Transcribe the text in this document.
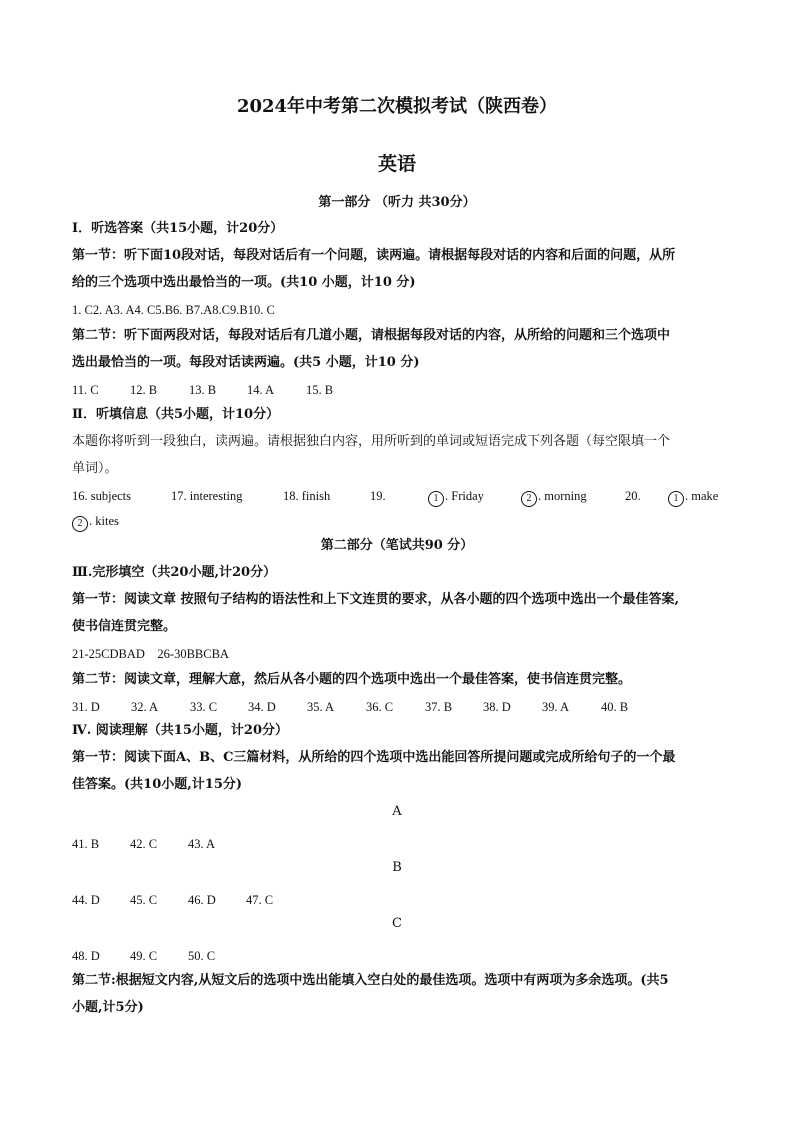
2024年中考第二次模拟考试（陕西卷）
英语
第一部分 （听力 共30分）
Ⅰ．听选答案（共15小题，计20分）
第一节：听下面10段对话，每段对话后有一个问题，读两遍。请根据每段对话的内容和后面的问题，从所
给的三个选项中选出最恰当的一项。(共10 小题，计10 分)
1. C2. A3. A4. C5.B6. B7.A8.C9.B10. C
第二节：听下面两段对话，每段对话后有几道小题，请根据每段对话的内容，从所给的问题和三个选项中
选出最恰当的一项。每段对话读两遍。(共5 小题，计10 分)
11. C	12. B	13. B 14. A	15. B
Ⅱ．听填信息（共5小题，计10分）
本题你将听到一段独白，读两遍。请根据独白内容，用所听到的单词或短语完成下列各题（每空限填一个
单词）。
16. subjects	17. interesting	18. finish	19.	1 . Friday	2 . morning	20.	1 . make
2 . kites
第二部分（笔试共90 分）
Ⅲ.完形填空（共20小题,计20分）
第一节：阅读文章 按照句子结构的语法性和上下文连贯的要求，从各小题的四个选项中选出一个最佳答案,
使书信连贯完整。
21-25CDBAD    26-30BBCBA
第二节：阅读文章，理解大意，然后从各小题的四个选项中选出一个最佳答案，使书信连贯完整。
31. D 32. A	33. C 34. D 35. A	36. C	37. B 38. D 39. A	40. B
Ⅳ. 阅读理解（共15小题，计20分）
第一节：阅读下面A、B、C三篇材料，从所给的四个选项中选出能回答所提问题或完成所给句子的一个最
佳答案。(共10小题,计15分)
A
41. B 42. C 43. A
B
44. D 45. C 46. D 47. C
C
48. D 49. C 50. C
第二节:根据短文内容,从短文后的选项中选出能填入空白处的最佳选项。选项中有两项为多余选项。(共5
小题,计5分)
